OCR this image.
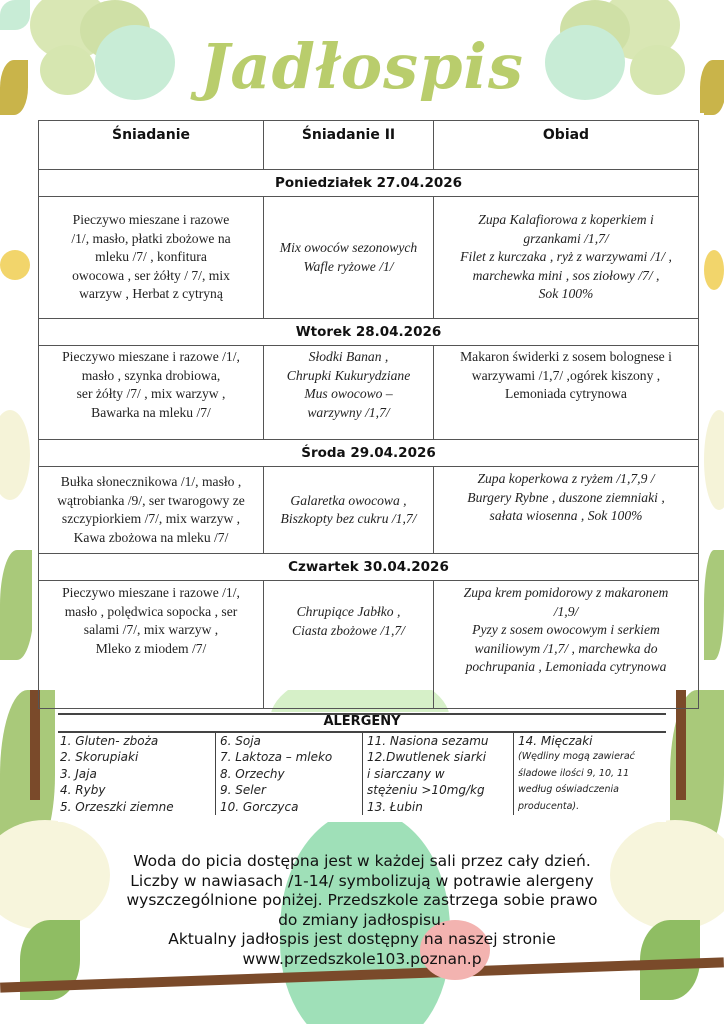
Jadłospis
Śniadanie	Śniadanie II	Obiad
Poniedziałek 27.04.2026		

Pieczywo mieszane i razowe
/1/, masło, płatki zbożowe na
mleku /7/ , konfitura
owocowa , ser żółty / 7/, mix
warzyw , Herbat z cytryną	Mix owoców sezonowych
Wafle ryżowe /1/	Zupa Kalafiorowa z koperkiem i
grzankami /1,7/
Filet z kurczaka , ryż z warzywami /1/ ,
marchewka mini , sos ziołowy /7/ ,
Sok 100%

Wtorek 28.04.2026		

Pieczywo mieszane i razowe /1/,
masło , szynka drobiowa,
ser żółty /7/ , mix warzyw ,
Bawarka na mleku /7/	Słodki Banan ,
Chrupki Kukurydziane
Mus owocowo –
warzywny /1,7/	Makaron świderki z sosem bolognese i
warzywami /1,7/ ,ogórek kiszony ,
Lemoniada cytrynowa

Środa 29.04.2026		

Bułka słonecznikowa /1/, masło ,
wątrobianka /9/, ser twarogowy ze
szczypiorkiem /7/, mix warzyw ,
Kawa zbożowa na mleku /7/	Galaretka owocowa ,
Biszkopty bez cukru /1,7/	Zupa koperkowa z ryżem /1,7,9 /
Burgery Rybne , duszone ziemniaki ,
sałata wiosenna , Sok 100%

Czwartek 30.04.2026		

Pieczywo mieszane i razowe /1/,
masło , polędwica sopocka , ser
salami /7/, mix warzyw ,
Mleko z miodem /7/	Chrupiące Jabłko ,
Ciasta zbożowe /1,7/	Zupa krem pomidorowy z makaronem
/1,9/
Pyzy z sosem owocowym i serkiem
waniliowym /1,7/ , marchewka do
pochrupania , Lemoniada cytrynowa
ALERGENY
1. Gluten- zboża
2. Skorupiaki
3. Jaja
4. Ryby
5. Orzeszki ziemne
6. Soja
7. Laktoza – mleko
8. Orzechy
9. Seler
10. Gorczyca
11. Nasiona sezamu
12.Dwutlenek siarki
i siarczany w
stężeniu >10mg/kg
13. Łubin
14. Mięczaki
(Wędliny mogą zawierać
śladowe ilości 9, 10, 11
według oświadczenia
producenta).
Woda do picia dostępna jest w każdej sali przez cały dzień.
Liczby w nawiasach /1-14/ symbolizują w potrawie alergeny
wyszczególnione poniżej. Przedszkole zastrzega sobie prawo
do zmiany jadłospisu.
Aktualny jadłospis jest dostępny na naszej stronie
www.przedszkole103.poznan.p
